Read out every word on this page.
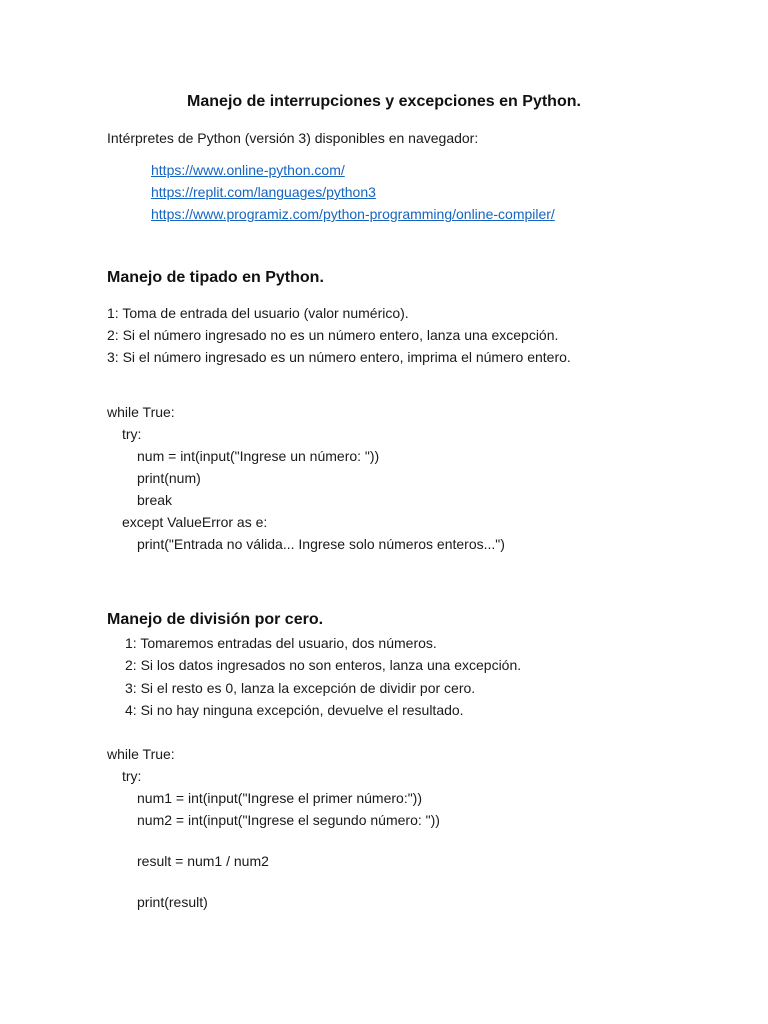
Manejo de interrupciones y excepciones en Python.
Intérpretes de Python (versión 3) disponibles en navegador:
https://www.online-python.com/
https://replit.com/languages/python3
https://www.programiz.com/python-programming/online-compiler/
Manejo de tipado en Python.
1: Toma de entrada del usuario (valor numérico).
2: Si el número ingresado no es un número entero, lanza una excepción.
3: Si el número ingresado es un número entero, imprima el número entero.
while True:
try:
num = int(input("Ingrese un número: "))
print(num)
break
except ValueError as e:
print("Entrada no válida... Ingrese solo números enteros...")
Manejo de división por cero.
1: Tomaremos entradas del usuario, dos números.
2: Si los datos ingresados no son enteros, lanza una excepción.
3: Si el resto es 0, lanza la excepción de dividir por cero.
4: Si no hay ninguna excepción, devuelve el resultado.
while True:
try:
num1 = int(input("Ingrese el primer número:"))
num2 = int(input("Ingrese el segundo número: "))
result = num1 / num2
print(result)
